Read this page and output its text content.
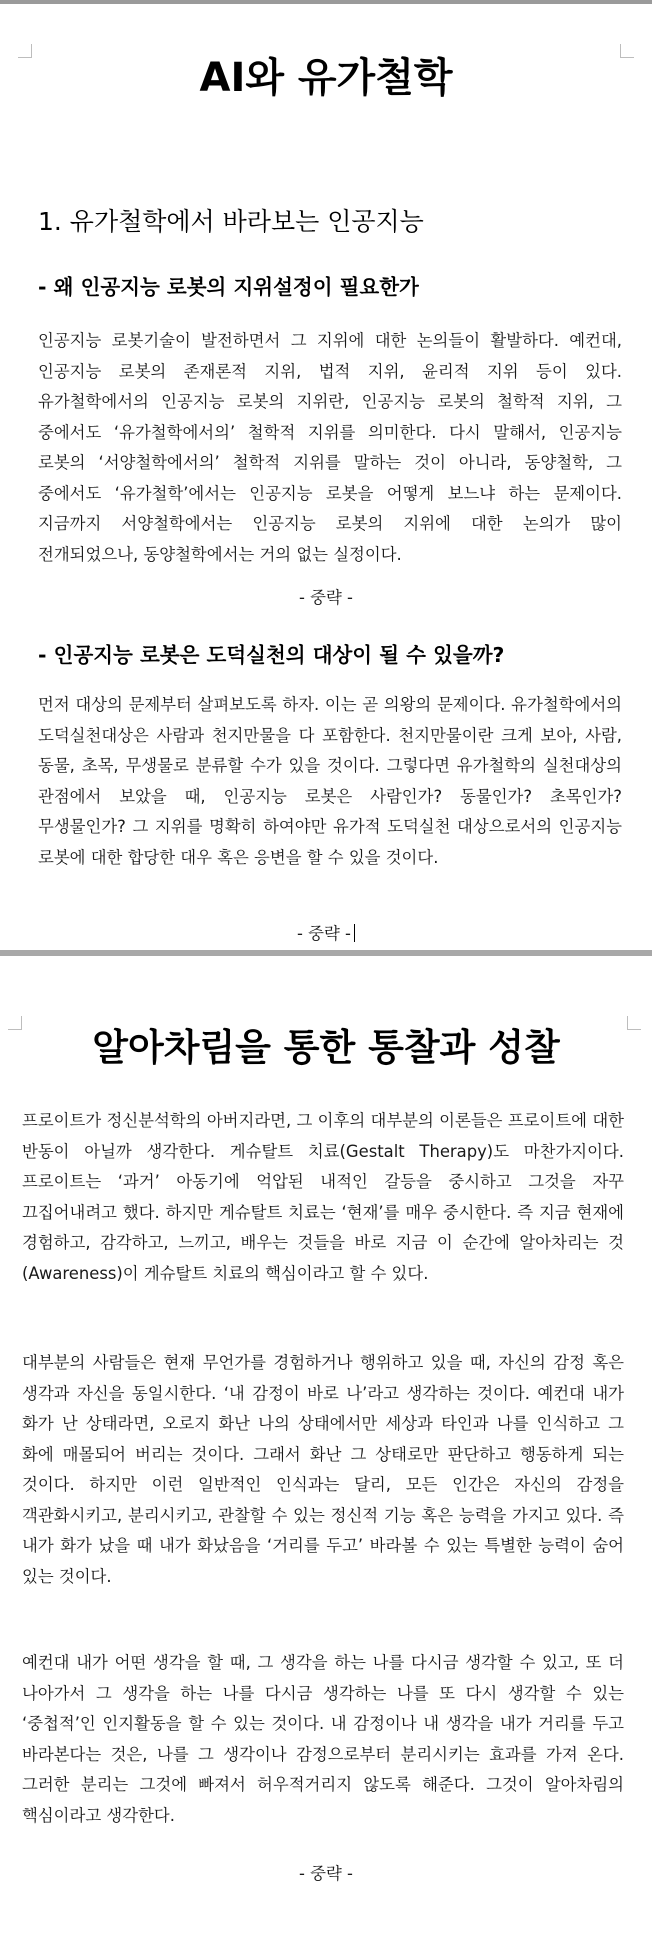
AI와 유가철학
1. 유가철학에서 바라보는 인공지능
- 왜 인공지능 로봇의 지위설정이 필요한가

인공지능 로봇기술이 발전하면서 그 지위에 대한 논의들이 활발하다. 예컨대, 인공지능 로봇의 존재론적 지위, 법적 지위, 윤리적 지위 등이 있다. 유가철학에서의 인공지능 로봇의 지위란, 인공지능 로봇의 철학적 지위, 그 중에서도 ‘유가철학에서의’ 철학적 지위를 의미한다. 다시 말해서, 인공지능 로봇의 ‘서양철학에서의’ 철학적 지위를 말하는 것이 아니라, 동양철학, 그 중에서도 ‘유가철학’에서는 인공지능 로봇을 어떻게 보느냐 하는 문제이다. 지금까지 서양철학에서는 인공지능 로봇의 지위에 대한 논의가 많이 전개되었으나, 동양철학에서는 거의 없는 실정이다.

- 중략 -
- 인공지능 로봇은 도덕실천의 대상이 될 수 있을까?

먼저 대상의 문제부터 살펴보도록 하자. 이는 곧 의왕의 문제이다. 유가철학에서의 도덕실천대상은 사람과 천지만물을 다 포함한다. 천지만물이란 크게 보아, 사람, 동물, 초목, 무생물로 분류할 수가 있을 것이다. 그렇다면 유가철학의 실천대상의 관점에서 보았을 때, 인공지능 로봇은 사람인가? 동물인가? 초목인가? 무생물인가? 그 지위를 명확히 하여야만 유가적 도덕실천 대상으로서의 인공지능 로봇에 대한 합당한 대우 혹은 응변을 할 수 있을 것이다.

- 중략 -
알아차림을 통한 통찰과 성찰

프로이트가 정신분석학의 아버지라면, 그 이후의 대부분의 이론들은 프로이트에 대한 반동이 아닐까 생각한다. 게슈탈트 치료(Gestalt Therapy)도 마찬가지이다. 프로이트는 ‘과거’ 아동기에 억압된 내적인 갈등을 중시하고 그것을 자꾸 끄집어내려고 했다. 하지만 게슈탈트 치료는 ‘현재’를 매우 중시한다. 즉 지금 현재에 경험하고, 감각하고, 느끼고, 배우는 것들을 바로 지금 이 순간에 알아차리는 것(Awareness)이 게슈탈트 치료의 핵심이라고 할 수 있다.

대부분의 사람들은 현재 무언가를 경험하거나 행위하고 있을 때, 자신의 감정 혹은 생각과 자신을 동일시한다. ‘내 감정이 바로 나’라고 생각하는 것이다. 예컨대 내가 화가 난 상태라면, 오로지 화난 나의 상태에서만 세상과 타인과 나를 인식하고 그 화에 매몰되어 버리는 것이다. 그래서 화난 그 상태로만 판단하고 행동하게 되는 것이다. 하지만 이런 일반적인 인식과는 달리, 모든 인간은 자신의 감정을 객관화시키고, 분리시키고, 관찰할 수 있는 정신적 기능 혹은 능력을 가지고 있다. 즉 내가 화가 났을 때 내가 화났음을 ‘거리를 두고’ 바라볼 수 있는 특별한 능력이 숨어 있는 것이다.

예컨대 내가 어떤 생각을 할 때, 그 생각을 하는 나를 다시금 생각할 수 있고, 또 더 나아가서 그 생각을 하는 나를 다시금 생각하는 나를 또 다시 생각할 수 있는 ‘중첩적’인 인지활동을 할 수 있는 것이다. 내 감정이나 내 생각을 내가 거리를 두고 바라본다는 것은, 나를 그 생각이나 감정으로부터 분리시키는 효과를 가져 온다. 그러한 분리는 그것에 빠져서 허우적거리지 않도록 해준다. 그것이 알아차림의 핵심이라고 생각한다.

- 중략 -
